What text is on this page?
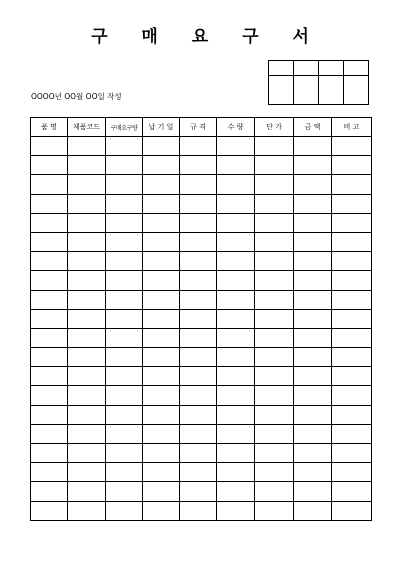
구 매 요 구 서

OOOO년 OO월 OO일 작성
품 명	제품코드	구매요구량	납 기 일	규 격	수 량	단 가	금 액	비 고
